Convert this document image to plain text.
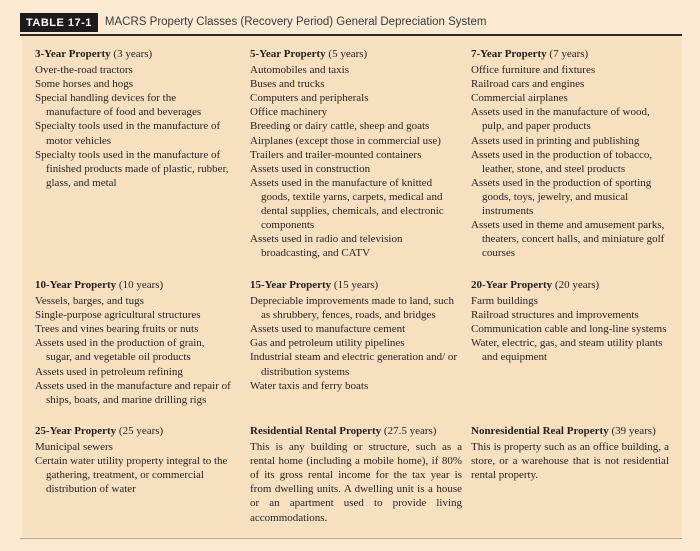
TABLE 17-1	MACRS Property Classes (Recovery Period) General Depreciation System
3-Year Property (3 years)
Over-the-road tractors
Some horses and hogs
Special handling devices for the manufacture of food and beverages
Specialty tools used in the manufacture of motor vehicles
Specialty tools used in the manufacture of finished products made of plastic, rubber, glass, and metal
5-Year Property (5 years)
Automobiles and taxis
Buses and trucks
Computers and peripherals
Office machinery
Breeding or dairy cattle, sheep and goats
Airplanes (except those in commercial use)
Trailers and trailer-mounted containers
Assets used in construction
Assets used in the manufacture of knitted goods, textile yarns, carpets, medical and dental supplies, chemicals, and electronic components
Assets used in radio and television broadcasting, and CATV
7-Year Property (7 years)
Office furniture and fixtures
Railroad cars and engines
Commercial airplanes
Assets used in the manufacture of wood, pulp, and paper products
Assets used in printing and publishing
Assets used in the production of tobacco, leather, stone, and steel products
Assets used in the production of sporting goods, toys, jewelry, and musical instruments
Assets used in theme and amusement parks, theaters, concert halls, and miniature golf courses
10-Year Property (10 years)
Vessels, barges, and tugs
Single-purpose agricultural structures
Trees and vines bearing fruits or nuts
Assets used in the production of grain, sugar, and vegetable oil products
Assets used in petroleum refining
Assets used in the manufacture and repair of ships, boats, and marine drilling rigs
15-Year Property (15 years)
Depreciable improvements made to land, such as shrubbery, fences, roads, and bridges
Assets used to manufacture cement
Gas and petroleum utility pipelines
Industrial steam and electric generation and/ or distribution systems
Water taxis and ferry boats
20-Year Property (20 years)
Farm buildings
Railroad structures and improvements
Communication cable and long-line systems
Water, electric, gas, and steam utility plants and equipment
25-Year Property (25 years)
Municipal sewers
Certain water utility property integral to the gathering, treatment, or commercial distribution of water
Residential Rental Property (27.5 years)

This is any building or structure, such as a rental home (including a mobile home), if 80% of its gross rental income for the tax year is from dwelling units. A dwelling unit is a house or an apartment used to provide living accommodations.

Nonresidential Real Property (39 years)

This is property such as an office building, a store, or a warehouse that is not residential rental property.
